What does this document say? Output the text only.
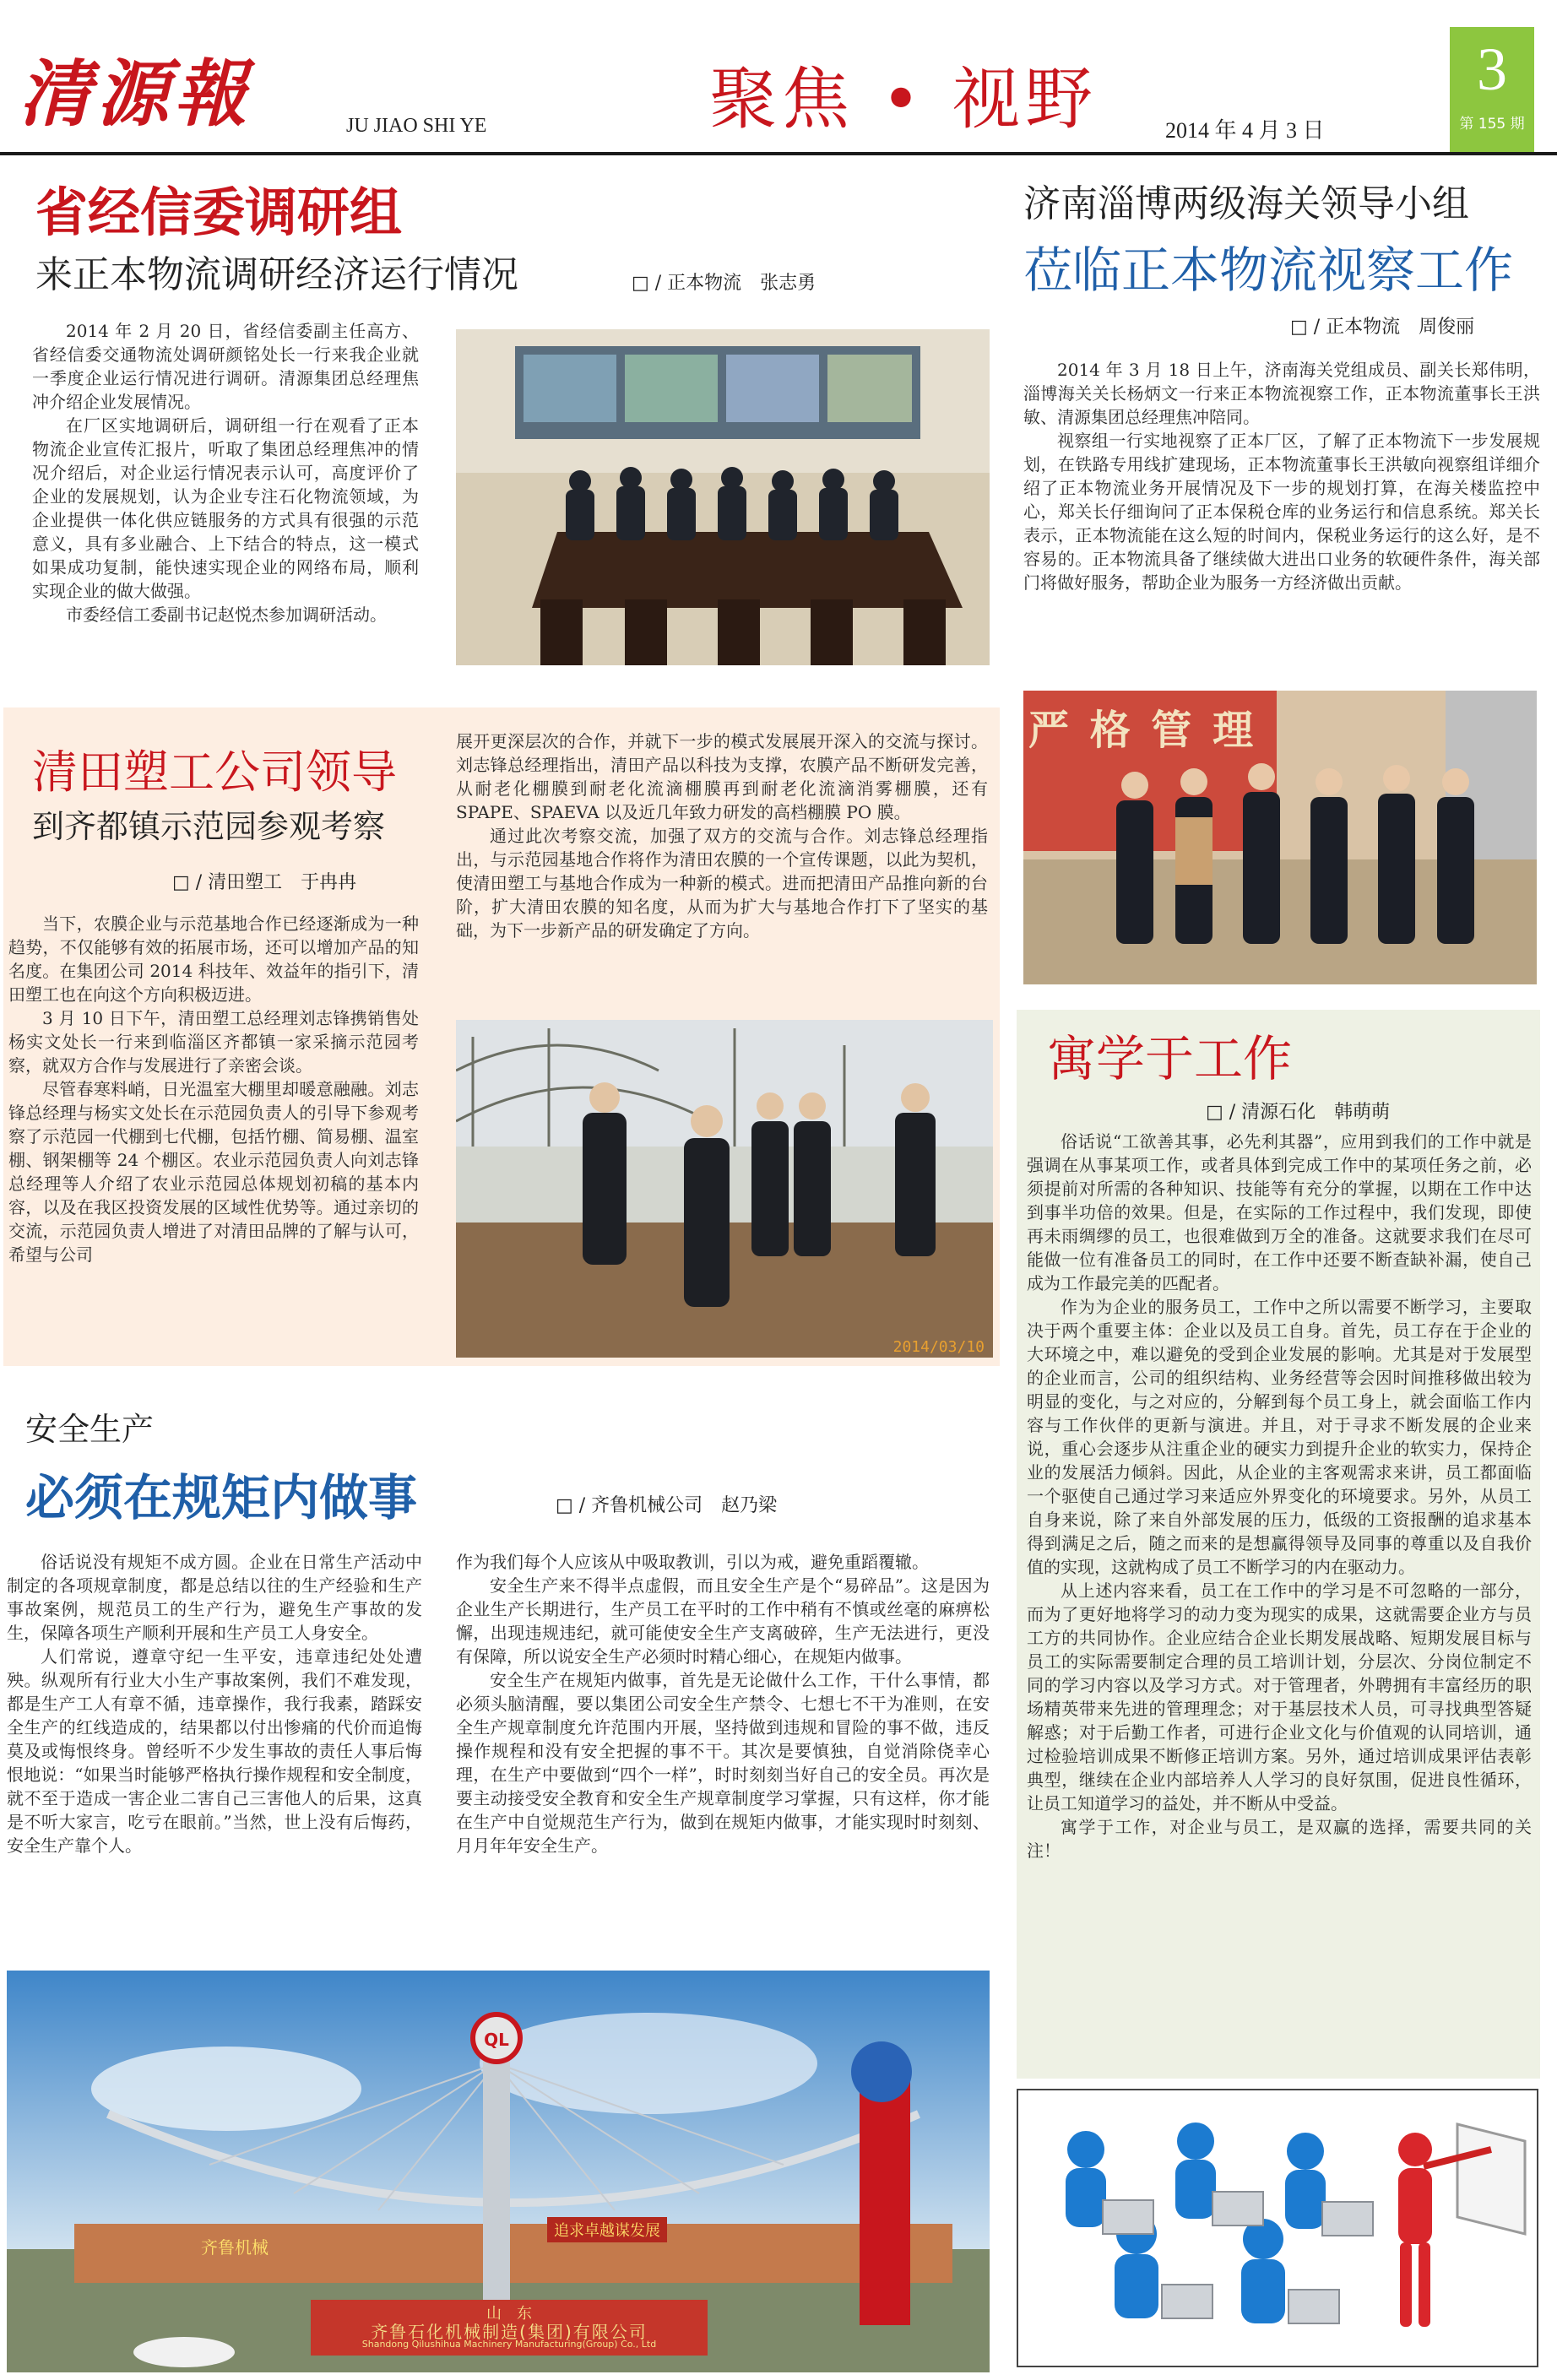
清源報	JU JIAO SHI YE	聚焦 • 视野	2014 年 4 月 3 日
3
第 155 期
省经信委调研组
来正本物流调研经济运行情况	□ / 正本物流　张志勇

2014 年 2 月 20 日，省经信委副主任高方、省经信委交通物流处调研颜铭处长一行来我企业就一季度企业运行情况进行调研。清源集团总经理焦冲介绍企业发展情况。

在厂区实地调研后，调研组一行在观看了正本物流企业宣传汇报片，听取了集团总经理焦冲的情况介绍后，对企业运行情况表示认可，高度评价了企业的发展规划，认为企业专注石化物流领域，为企业提供一体化供应链服务的方式具有很强的示范意义，具有多业融合、上下结合的特点，这一模式如果成功复制，能快速实现企业的网络布局，顺利实现企业的做大做强。

市委经信工委副书记赵悦杰参加调研活动。

济南淄博两级海关领导小组
莅临正本物流视察工作
□ / 正本物流　周俊丽

2014 年 3 月 18 日上午，济南海关党组成员、副关长郑伟明，淄博海关关长杨炳文一行来正本物流视察工作，正本物流董事长王洪敏、清源集团总经理焦冲陪同。

视察组一行实地视察了正本厂区，了解了正本物流下一步发展规划，在铁路专用线扩建现场，正本物流董事长王洪敏向视察组详细介绍了正本物流业务开展情况及下一步的规划打算，在海关楼监控中心，郑关长仔细询问了正本保税仓库的业务运行和信息系统。郑关长表示，正本物流能在这么短的时间内，保税业务运行的这么好，是不容易的。正本物流具备了继续做大进出口业务的软硬件条件，海关部门将做好服务，帮助企业为服务一方经济做出贡献。

严 格 管 理
清田塑工公司领导
到齐都镇示范园参观考察
□ / 清田塑工　于冉冉

当下，农膜企业与示范基地合作已经逐渐成为一种趋势，不仅能够有效的拓展市场，还可以增加产品的知名度。在集团公司 2014 科技年、效益年的指引下，清田塑工也在向这个方向积极迈进。

3 月 10 日下午，清田塑工总经理刘志锋携销售处杨实文处长一行来到临淄区齐都镇一家采摘示范园考察，就双方合作与发展进行了亲密会谈。

尽管春寒料峭，日光温室大棚里却暖意融融。刘志锋总经理与杨实文处长在示范园负责人的引导下参观考察了示范园一代棚到七代棚，包括竹棚、简易棚、温室棚、钢架棚等 24 个棚区。农业示范园负责人向刘志锋总经理等人介绍了农业示范园总体规划初稿的基本内容，以及在我区投资发展的区域性优势等。通过亲切的交流，示范园负责人增进了对清田品牌的了解与认可，希望与公司

展开更深层次的合作，并就下一步的模式发展展开深入的交流与探讨。刘志锋总经理指出，清田产品以科技为支撑，农膜产品不断研发完善，从耐老化棚膜到耐老化流滴棚膜再到耐老化流滴消雾棚膜，还有 SPAPE、SPAEVA 以及近几年致力研发的高档棚膜 PO 膜。

通过此次考察交流，加强了双方的交流与合作。刘志锋总经理指出，与示范园基地合作将作为清田农膜的一个宣传课题，以此为契机，使清田塑工与基地合作成为一种新的模式。进而把清田产品推向新的台阶，扩大清田农膜的知名度，从而为扩大与基地合作打下了坚实的基础，为下一步新产品的研发确定了方向。

2014/03/10
安全生产
必须在规矩内做事	□ / 齐鲁机械公司　赵乃梁

俗话说没有规矩不成方圆。企业在日常生产活动中制定的各项规章制度，都是总结以往的生产经验和生产事故案例，规范员工的生产行为，避免生产事故的发生，保障各项生产顺利开展和生产员工人身安全。

人们常说，遵章守纪一生平安，违章违纪处处遭殃。纵观所有行业大小生产事故案例，我们不难发现，都是生产工人有章不循，违章操作，我行我素，踏踩安全生产的红线造成的，结果都以付出惨痛的代价而追悔莫及或悔恨终身。曾经听不少发生事故的责任人事后悔恨地说：“如果当时能够严格执行操作规程和安全制度，就不至于造成一害企业二害自己三害他人的后果，这真是不听大家言，吃亏在眼前。”当然，世上没有后悔药，安全生产靠个人。

作为我们每个人应该从中吸取教训，引以为戒，避免重蹈覆辙。

安全生产来不得半点虚假，而且安全生产是个“易碎品”。这是因为企业生产长期进行，生产员工在平时的工作中稍有不慎或丝毫的麻痹松懈，出现违规违纪，就可能使安全生产支离破碎，生产无法进行，更没有保障，所以说安全生产必须时时精心细心，在规矩内做事。

安全生产在规矩内做事，首先是无论做什么工作，干什么事情，都必须头脑清醒，要以集团公司安全生产禁令、七想七不干为准则，在安全生产规章制度允许范围内开展，坚持做到违规和冒险的事不做，违反操作规程和没有安全把握的事不干。其次是要慎独，自觉消除侥幸心理，在生产中要做到“四个一样”，时时刻刻当好自己的安全员。再次是要主动接受安全教育和安全生产规章制度学习掌握，只有这样，你才能在生产中自觉规范生产行为，做到在规矩内做事，才能实现时时刻刻、月月年年安全生产。

寓学于工作
□ / 清源石化　韩萌萌

俗话说“工欲善其事，必先利其器”，应用到我们的工作中就是强调在从事某项工作，或者具体到完成工作中的某项任务之前，必须提前对所需的各种知识、技能等有充分的掌握，以期在工作中达到事半功倍的效果。但是，在实际的工作过程中，我们发现，即使再未雨绸缪的员工，也很难做到万全的准备。这就要求我们在尽可能做一位有准备员工的同时，在工作中还要不断查缺补漏，使自己成为工作最完美的匹配者。

作为为企业的服务员工，工作中之所以需要不断学习，主要取决于两个重要主体：企业以及员工自身。首先，员工存在于企业的大环境之中，难以避免的受到企业发展的影响。尤其是对于发展型的企业而言，公司的组织结构、业务经营等会因时间推移做出较为明显的变化，与之对应的，分解到每个员工身上，就会面临工作内容与工作伙伴的更新与演进。并且，对于寻求不断发展的企业来说，重心会逐步从注重企业的硬实力到提升企业的软实力，保持企业的发展活力倾斜。因此，从企业的主客观需求来讲，员工都面临一个驱使自己通过学习来适应外界变化的环境要求。另外，从员工自身来说，除了来自外部发展的压力，低级的工资报酬的追求基本得到满足之后，随之而来的是想赢得领导及同事的尊重以及自我价值的实现，这就构成了员工不断学习的内在驱动力。

从上述内容来看，员工在工作中的学习是不可忽略的一部分，而为了更好地将学习的动力变为现实的成果，这就需要企业方与员工方的共同协作。企业应结合企业长期发展战略、短期发展目标与员工的实际需要制定合理的员工培训计划，分层次、分岗位制定不同的学习内容以及学习方式。对于管理者，外聘拥有丰富经历的职场精英带来先进的管理理念；对于基层技术人员，可寻找典型答疑解惑；对于后勤工作者，可进行企业文化与价值观的认同培训，通过检验培训成果不断修正培训方案。另外，通过培训成果评估表彰典型，继续在企业内部培养人人学习的良好氛围，促进良性循环，让员工知道学习的益处，并不断从中受益。

寓学于工作，对企业与员工，是双赢的选择，需要共同的关注！

QL
齐鲁机械
追求卓越谋发展
山　东
齐鲁石化机械制造(集团)有限公司
Shandong Qilushihua Machinery Manufacturing(Group) Co., Ltd
